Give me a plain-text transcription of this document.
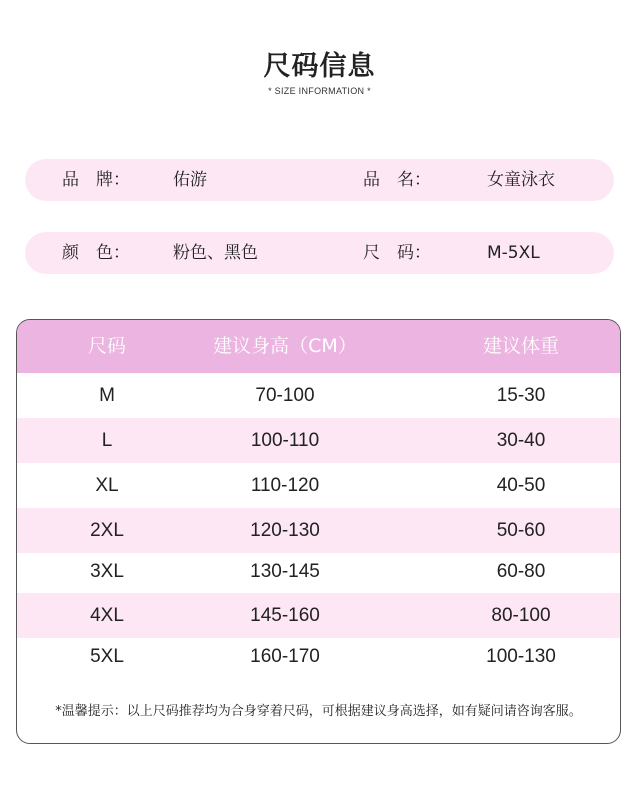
尺码信息
* SIZE INFORMATION *
品　牌：	佑游	品　名：	女童泳衣
颜　色：	粉色、黑色	尺　码：	M-5XL
尺码	建议身高（CM）	建议体重
M	70-100	15-30
L	100-110	30-40
XL	110-120	40-50
2XL	120-130	50-60
3XL	130-145	60-80
4XL	145-160	80-100
5XL	160-170	100-130
*温馨提示：以上尺码推荐均为合身穿着尺码，可根据建议身高选择，如有疑问请咨询客服。
